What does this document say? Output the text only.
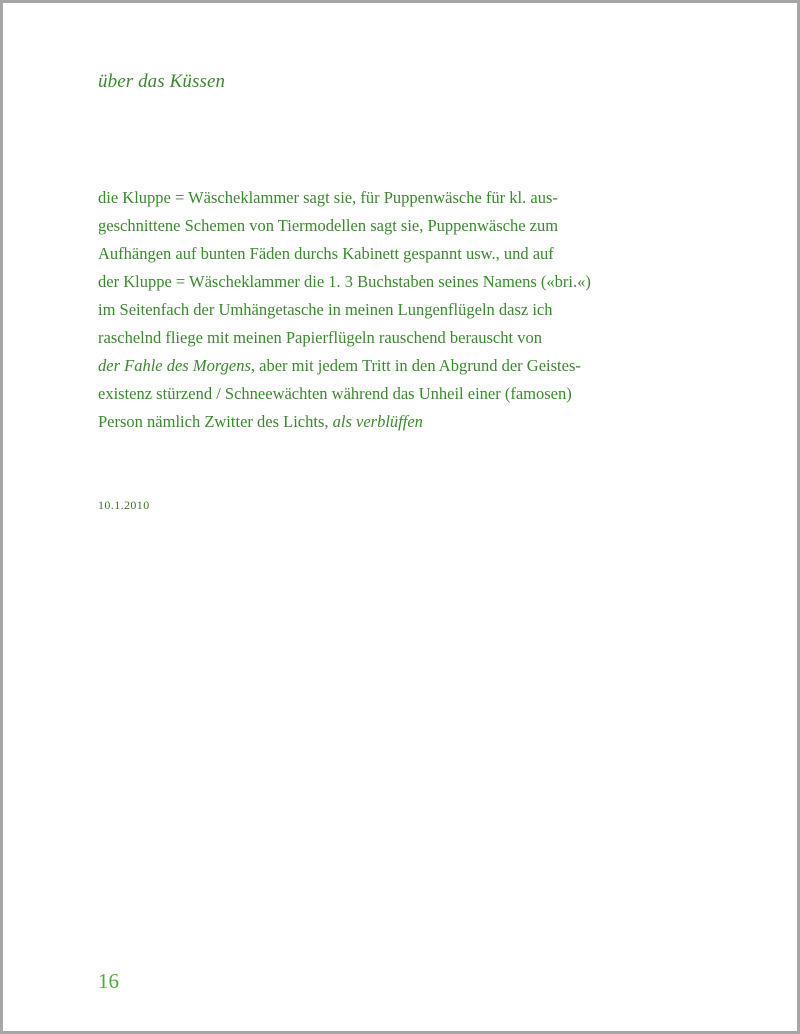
über das Küssen
die Kluppe = Wäscheklammer sagt sie, für Puppenwäsche für kl. aus-
geschnittene Schemen von Tiermodellen sagt sie, Puppenwäsche zum
Aufhängen auf bunten Fäden durchs Kabinett gespannt usw., und auf
der Kluppe = Wäscheklammer die 1. 3 Buchstaben seines Namens («bri.«)
im Seitenfach der Umhängetasche in meinen Lungenflügeln dasz ich
raschelnd fliege mit meinen Papierflügeln rauschend berauscht von
der Fahle des Morgens, aber mit jedem Tritt in den Abgrund der Geistes-
existenz stürzend / Schneewächten während das Unheil einer (famosen)
Person nämlich Zwitter des Lichts, als verblüffen
10.1.2010
16
